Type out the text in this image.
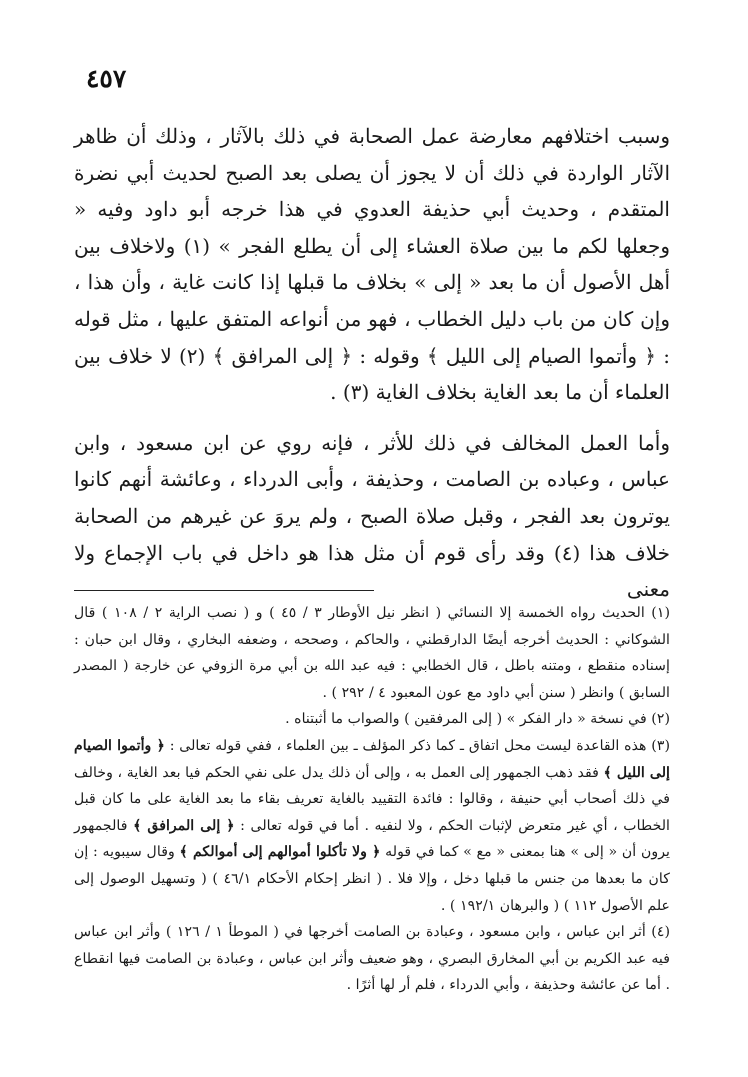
٤٥٧

وسبب اختلافهم معارضة عمل الصحابة في ذلك بالآثار ، وذلك أن ظاهر الآثار الواردة في ذلك أن لا يجوز أن يصلى بعد الصبح لحديث أبي نضرة المتقدم ، وحديث أبي حذيفة العدوي في هذا خرجه أبو داود وفيه « وجعلها لكم ما بين صلاة العشاء إلى أن يطلع الفجر » (١) ولاخلاف بين أهل الأصول أن ما بعد « إلى » بخلاف ما قبلها إذا كانت غاية ، وأن هذا ، وإن كان من باب دليل الخطاب ، فهو من أنواعه المتفق عليها ، مثل قوله : ﴿ وأتموا الصيام إلى الليل ﴾ وقوله : ﴿ إلى المرافق ﴾ (٢) لا خلاف بين العلماء أن ما بعد الغاية بخلاف الغاية (٣) .

وأما العمل المخالف في ذلك للأثر ، فإنه روي عن ابن مسعود ، وابن عباس ، وعباده بن الصامت ، وحذيفة ، وأبى الدرداء ، وعائشة أنهم كانوا يوترون بعد الفجر ، وقبل صلاة الصبح ، ولم يروَ عن غيرهم من الصحابة خلاف هذا (٤) وقد رأى قوم أن مثل هذا هو داخل في باب الإجماع ولا معنى

(١) الحديث رواه الخمسة إلا النسائي ( انظر نيل الأوطار ٣ / ٤٥ ) و ( نصب الراية ٢ / ١٠٨ ) قال الشوكاني : الحديث أخرجه أيضًا الدارقطني ، والحاكم ، وصححه ، وضعفه البخاري ، وقال ابن حبان : إسناده منقطع ، ومتنه باطل ، قال الخطابي : فيه عبد الله بن أبي مرة الزوفي عن خارجة ( المصدر السابق ) وانظر ( سنن أبي داود مع عون المعبود ٤ / ٢٩٢ ) .

(٢) في نسخة « دار الفكر » ( إلى المرفقين ) والصواب ما أثبتناه .

(٣) هذه القاعدة ليست محل اتفاق ـ كما ذكر المؤلف ـ بين العلماء ، ففي قوله تعالى : ﴿ وأتموا الصيام إلى الليل ﴾ فقد ذهب الجمهور إلى العمل به ، وإلى أن ذلك يدل على نفي الحكم فيا بعد الغاية ، وخالف في ذلك أصحاب أبي حنيفة ، وقالوا : فائدة التقييد بالغاية تعريف بقاء ما بعد الغاية على ما كان قبل الخطاب ، أي غير متعرض لإثبات الحكم ، ولا لنفيه . أما في قوله تعالى : ﴿ إلى المرافق ﴾ فالجمهور يرون أن « إلى » هنا بمعنى « مع » كما في قوله ﴿ ولا تأكلوا أموالهم إلى أموالكم ﴾ وقال سيبويه : إن كان ما بعدها من جنس ما قبلها دخل ، وإلا فلا . ( انظر إحكام الأحكام ٤٦/١ ) ( وتسهيل الوصول إلى علم الأصول ١١٢ ) ( والبرهان ١٩٢/١ ) .

(٤) أثر ابن عباس ، وابن مسعود ، وعبادة بن الصامت أخرجها في ( الموطأ ١ / ١٢٦ ) وأثر ابن عباس فيه عبد الكريم بن أبي المخارق البصري ، وهو ضعيف وأثر ابن عباس ، وعبادة بن الصامت فيها انقطاع . أما عن عائشة وحذيفة ، وأبي الدرداء ، فلم أر لها أثرًا .
